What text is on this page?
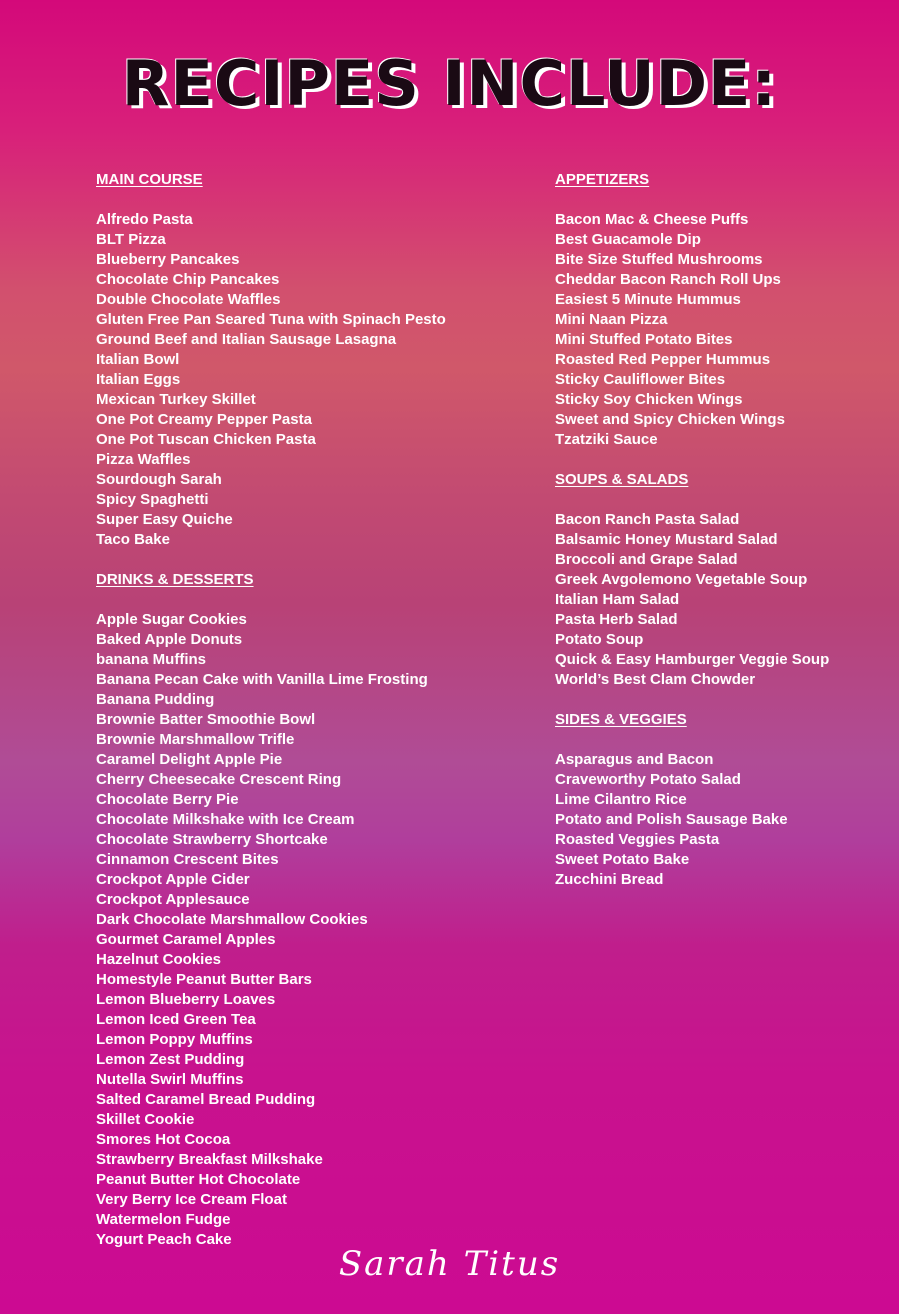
RECIPES INCLUDE:
MAIN COURSE
Alfredo Pasta
BLT Pizza
Blueberry Pancakes
Chocolate Chip Pancakes
Double Chocolate Waffles
Gluten Free Pan Seared Tuna with Spinach Pesto
Ground Beef and Italian Sausage Lasagna
Italian Bowl
Italian Eggs
Mexican Turkey Skillet
One Pot Creamy Pepper Pasta
One Pot Tuscan Chicken Pasta
Pizza Waffles
Sourdough Sarah
Spicy Spaghetti
Super Easy Quiche
Taco Bake
DRINKS & DESSERTS
Apple Sugar Cookies
Baked Apple Donuts
banana Muffins
Banana Pecan Cake with Vanilla Lime Frosting
Banana Pudding
Brownie Batter Smoothie Bowl
Brownie Marshmallow Trifle
Caramel Delight Apple Pie
Cherry Cheesecake Crescent Ring
Chocolate Berry Pie
Chocolate Milkshake with Ice Cream
Chocolate Strawberry Shortcake
Cinnamon Crescent Bites
Crockpot Apple Cider
Crockpot Applesauce
Dark Chocolate Marshmallow Cookies
Gourmet Caramel Apples
Hazelnut Cookies
Homestyle Peanut Butter Bars
Lemon Blueberry Loaves
Lemon Iced Green Tea
Lemon Poppy Muffins
Lemon Zest Pudding
Nutella Swirl Muffins
Salted Caramel Bread Pudding
Skillet Cookie
Smores Hot Cocoa
Strawberry Breakfast Milkshake
Peanut Butter Hot Chocolate
Very Berry Ice Cream Float
Watermelon Fudge
Yogurt Peach Cake
APPETIZERS
Bacon Mac & Cheese Puffs
Best Guacamole Dip
Bite Size Stuffed Mushrooms
Cheddar Bacon Ranch Roll Ups
Easiest 5 Minute Hummus
Mini Naan Pizza
Mini Stuffed Potato Bites
Roasted Red Pepper Hummus
Sticky Cauliflower Bites
Sticky Soy Chicken Wings
Sweet and Spicy Chicken Wings
Tzatziki Sauce
SOUPS & SALADS
Bacon Ranch Pasta Salad
Balsamic Honey Mustard Salad
Broccoli and Grape Salad
Greek Avgolemono Vegetable Soup
Italian Ham Salad
Pasta Herb Salad
Potato Soup
Quick & Easy Hamburger Veggie Soup
World’s Best Clam Chowder
SIDES & VEGGIES
Asparagus and Bacon
Craveworthy Potato Salad
Lime Cilantro Rice
Potato and Polish Sausage Bake
Roasted Veggies Pasta
Sweet Potato Bake
Zucchini Bread
Sarah Titus
